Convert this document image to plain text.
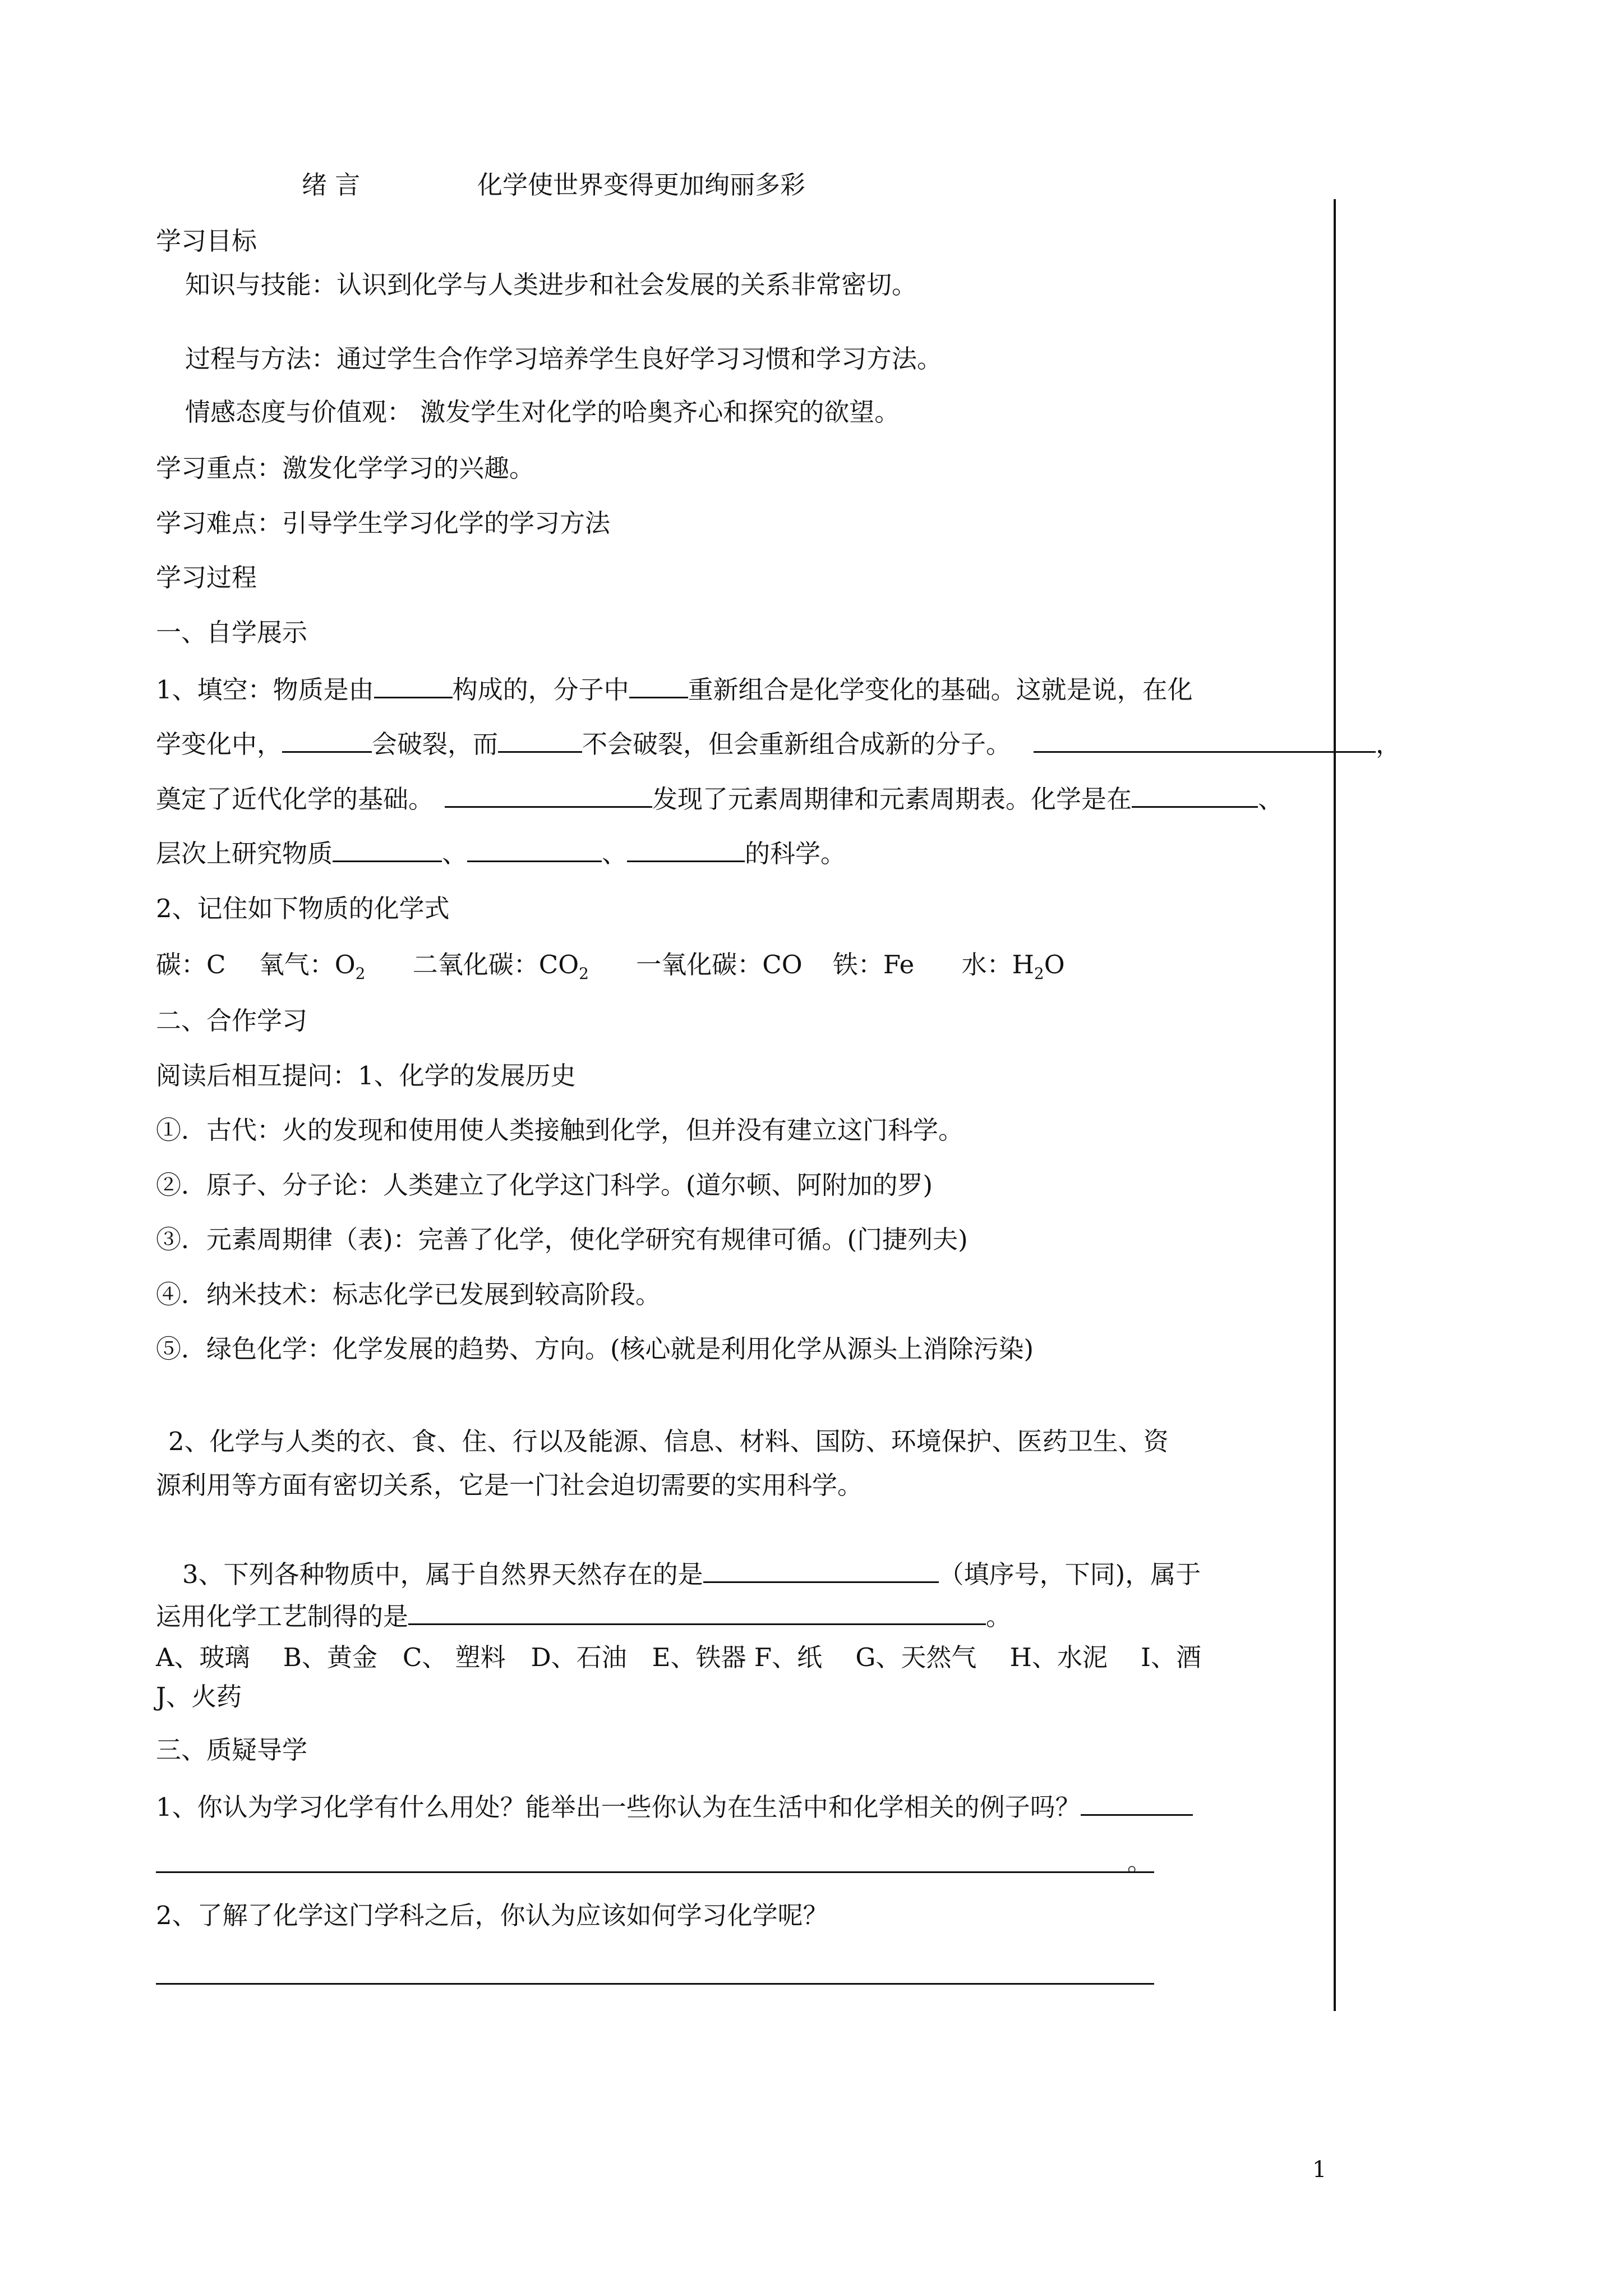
绪 言	化学使世界变得更加绚丽多彩
学习目标
知识与技能：认识到化学与人类进步和社会发展的关系非常密切。
过程与方法：通过学生合作学习培养学生良好学习习惯和学习方法。
情感态度与价值观： 激发学生对化学的哈奥齐心和探究的欲望。
学习重点：激发化学学习的兴趣。
学习难点：引导学生学习化学的学习方法
学习过程
一、自学展示
1、填空：物质是由	构成的，分子中 重新组合是化学变化的基础。这就是说，在化
学变化中，	会破裂，而	不会破裂，但会重新组合成新的分子。	，
奠定了近代化学的基础。	发现了元素周期律和元素周期表。化学是在	、
层次上研究物质	、	、	的科学。
2、记住如下物质的化学式
碳：C 氧气：$O_2$ 二氧化碳：$CO_2$ 一氧化碳：CO 铁：Fe 水：$H_2O$
二、合作学习
阅读后相互提问：1、化学的发展历史
①．古代：火的发现和使用使人类接触到化学，但并没有建立这门科学。
②．原子、分子论：人类建立了化学这门科学。(道尔顿、阿附加的罗)
③．元素周期律（表)：完善了化学，使化学研究有规律可循。(门捷列夫)
④．纳米技术：标志化学已发展到较高阶段。
⑤．绿色化学：化学发展的趋势、方向。(核心就是利用化学从源头上消除污染)
2、化学与人类的衣、食、住、行以及能源、信息、材料、国防、环境保护、医药卫生、资
源利用等方面有密切关系，它是一门社会迫切需要的实用科学。
3、下列各种物质中，属于自然界天然存在的是	（填序号，下同)，属于
运用化学工艺制得的是	。
A、玻璃　 B、黄金　C、 塑料　D、石油　E、铁器 F、纸　 G、天然气　 H、水泥　 I、酒
J、火药
三、质疑导学
1、你认为学习化学有什么用处？能举出一些你认为在生活中和化学相关的例子吗？
。
2、了解了化学这门学科之后，你认为应该如何学习化学呢？
1
